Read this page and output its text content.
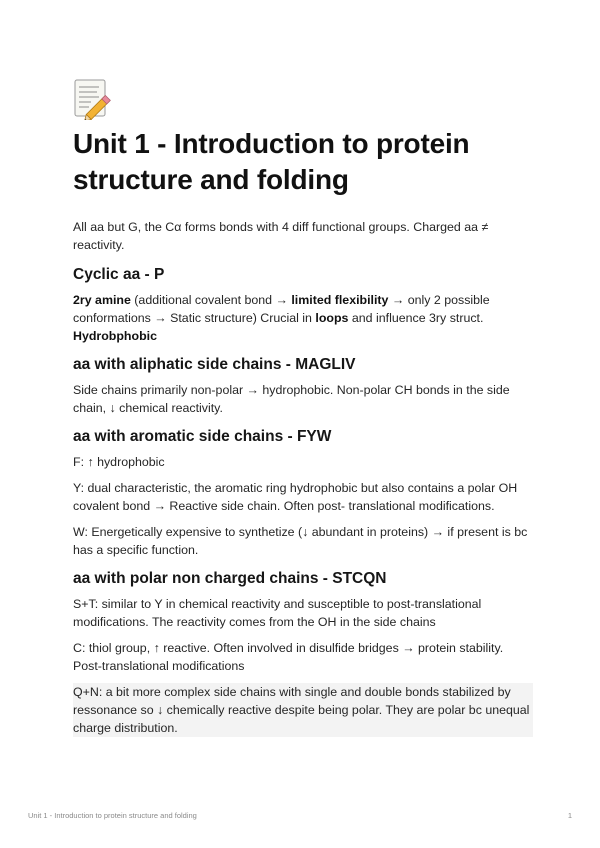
Unit 1 - Introduction to protein structure and folding

All aa but G, the Cα forms bonds with 4 diff functional groups. Charged aa ≠ reactivity.

Cyclic aa - P

2ry amine (additional covalent bond → limited flexibility → only 2 possible conformations → Static structure) Crucial in loops and influence 3ry struct.

Hydrobphobic

aa with aliphatic side chains - MAGLIV

Side chains primarily non-polar → hydrophobic. Non-polar CH bonds in the side chain, ↓ chemical reactivity.

aa with aromatic side chains - FYW

F: ↑ hydrophobic

Y: dual characteristic, the aromatic ring hydrophobic but also contains a polar OH covalent bond → Reactive side chain. Often post- translational modifications.

W: Energetically expensive to synthetize (↓ abundant in proteins) → if present is bc has a specific function.

aa with polar non charged chains - STCQN

S+T: similar to Y in chemical reactivity and susceptible to post-translational modifications. The reactivity comes from the OH in the side chains

C: thiol group, ↑ reactive. Often involved in disulfide bridges → protein stability. Post-translational modifications

Q+N: a bit more complex side chains with single and double bonds stabilized by ressonance so ↓ chemically reactive despite being polar. They are polar bc unequal charge distribution.

Unit 1 - Introduction to protein structure and folding	1
